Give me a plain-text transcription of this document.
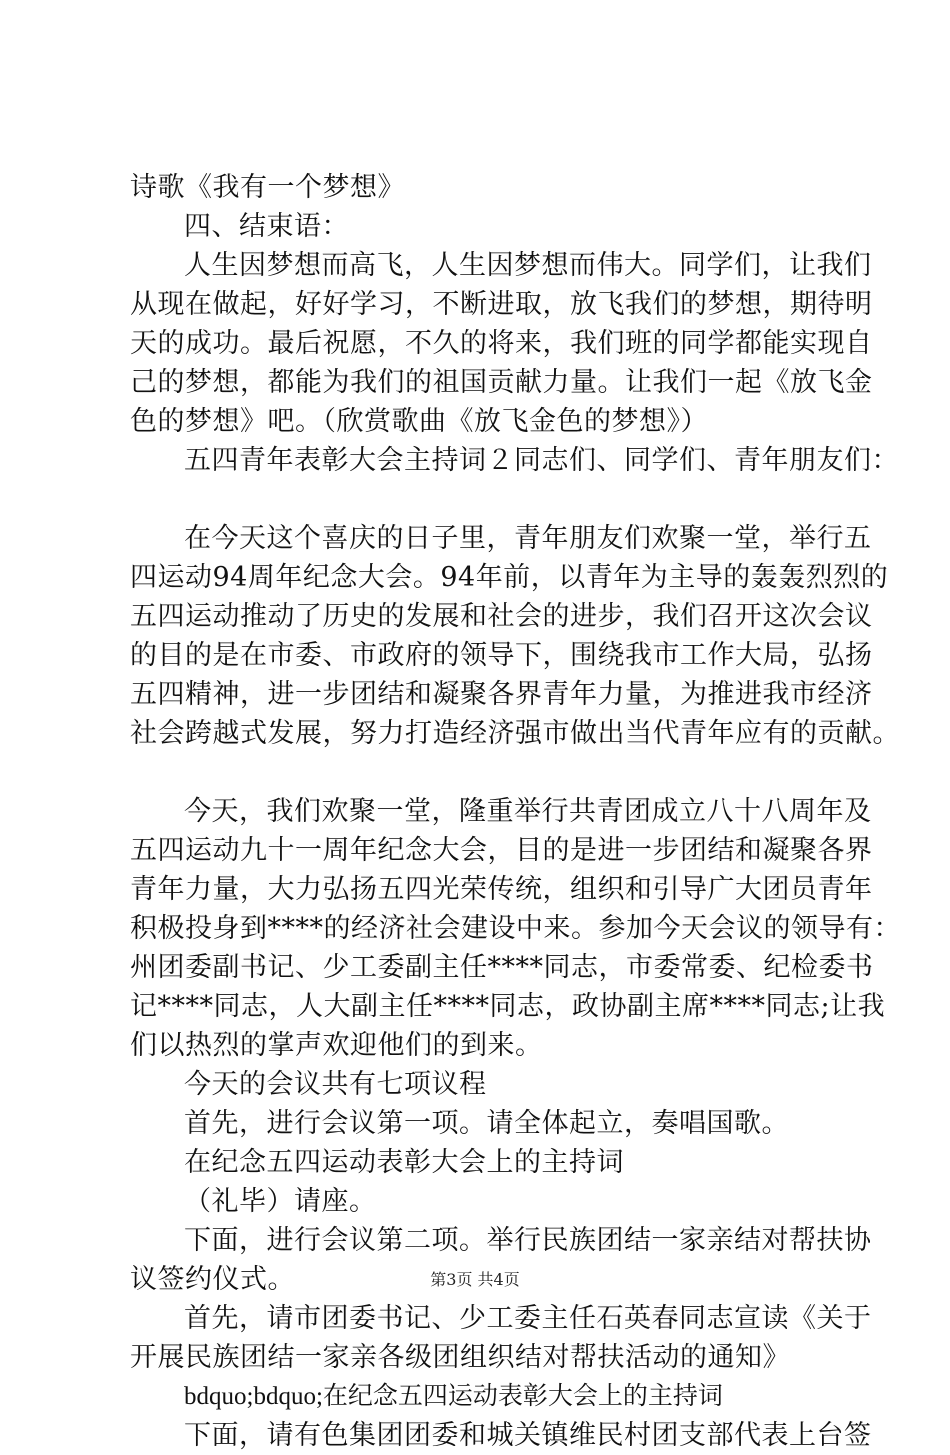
诗歌《我有一个梦想》
四、结束语：
人生因梦想而高飞，人生因梦想而伟大。同学们，让我们
从现在做起，好好学习，不断进取，放飞我们的梦想，期待明
天的成功。最后祝愿，不久的将来，我们班的同学都能实现自
己的梦想，都能为我们的祖国贡献力量。让我们一起《放飞金
色的梦想》吧。（欣赏歌曲《放飞金色的梦想》）
五四青年表彰大会主持词２同志们、同学们、青年朋友们：
在今天这个喜庆的日子里，青年朋友们欢聚一堂，举行五
四运动94周年纪念大会。94年前，以青年为主导的轰轰烈烈的
五四运动推动了历史的发展和社会的进步，我们召开这次会议
的目的是在市委、市政府的领导下，围绕我市工作大局，弘扬
五四精神，进一步团结和凝聚各界青年力量，为推进我市经济
社会跨越式发展，努力打造经济强市做出当代青年应有的贡献。
今天，我们欢聚一堂，隆重举行共青团成立八十八周年及
五四运动九十一周年纪念大会，目的是进一步团结和凝聚各界
青年力量，大力弘扬五四光荣传统，组织和引导广大团员青年
积极投身到****的经济社会建设中来。参加今天会议的领导有：
州团委副书记、少工委副主任****同志，市委常委、纪检委书
记****同志，人大副主任****同志，政协副主席****同志;让我
们以热烈的掌声欢迎他们的到来。
今天的会议共有七项议程
首先，进行会议第一项。请全体起立，奏唱国歌。
在纪念五四运动表彰大会上的主持词
（礼毕）请座。
下面，进行会议第二项。举行民族团结一家亲结对帮扶协
议签约仪式。
首先，请市团委书记、少工委主任石英春同志宣读《关于
开展民族团结一家亲各级团组织结对帮扶活动的通知》
bdquo;bdquo;在纪念五四运动表彰大会上的主持词
下面，请有色集团团委和城关镇维民村团支部代表上台签
第3页 共4页
